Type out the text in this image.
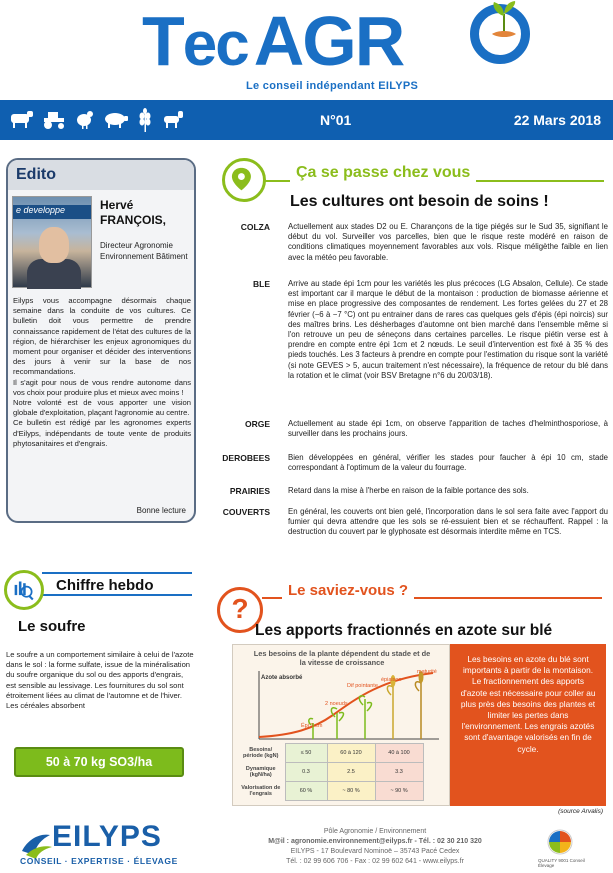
TecAGR
Le conseil indépendant EILYPS
N°01	22 Mars 2018
Edito
e developpe	Hervé
FRANÇOIS,
Directeur Agronomie Environnement Bâtiment

Eilyps vous accompagne désormais chaque semaine dans la conduite de vos cultures. Ce bulletin doit vous permettre de prendre connaissance rapidement de l'état des cultures de la région, de hiérarchiser les enjeux agronomiques du moment pour organiser et décider des interventions des jours à venir sur la base de nos recommandations.

Il s'agit pour nous de vous rendre autonome dans vos choix pour produire plus et mieux avec moins !

Notre volonté est de vous apporter une vision globale d'exploitation, plaçant l'agronomie au centre.

Ce bulletin est rédigé par les agronomes experts d'Eilyps, indépendants de toute vente de produits phytosanitaires et d'engrais.

Bonne lecture
Chiffre hebdo
Le soufre
Le soufre a un comportement similaire à celui de l'azote dans le sol : la forme sulfate, issue de la minéralisation du soufre organique du sol ou des apports d'engrais, est sensible au lessivage. Les fournitures du sol sont étroitement liées au climat de l'automne et de l'hiver. Les céréales absorbent
50 à 70 kg SO3/ha
EILYPS
CONSEIL · EXPERTISE · ÉLEVAGE
Pôle Agronomie / Environnement
M@il : agronomie.environnement@eilyps.fr - Tél. : 02 30 210 320
EILYPS - 17 Boulevard Nominoë – 35743 Pacé Cedex
Tél. : 02 99 606 706 - Fax : 02 99 602 641 - www.eilyps.fr	QUALITY 9001 Conseil Élevage
Ça se passe chez vous
Les cultures ont besoin de soins !
COLZA Actuellement aux stades D2 ou E. Charançons de la tige piégés sur le Sud 35, signifiant le début du vol. Surveiller vos parcelles, bien que le risque reste modéré en raison de conditions climatiques moyennement favorables aux vols. Risque méligèthe faible en lien avec la météo peu favorable.
BLE Arrive au stade épi 1cm pour les variétés les plus précoces (LG Absalon, Cellule). Ce stade est important car il marque le début de la montaison : production de biomasse aérienne et mise en place progressive des composantes de rendement. Les fortes gelées du 27 et 28 février (−6 à −7 °C) ont pu entrainer dans de rares cas quelques gels d'épis (épi noircis) sur des maîtres brins. Les désherbages d'automne ont bien marché dans l'ensemble même si l'on retrouve un peu de séneçons dans certaines parcelles. Le risque piétin verse est à prendre en compte entre épi 1cm et 2 nœuds. Le seuil d'intervention est fixé à 35 % des pieds touchés. Les 3 facteurs à prendre en compte pour l'estimation du risque sont la variété (si note GEVES > 5, aucun traitement n'est nécessaire), la fréquence de retour du blé dans la rotation et le climat (voir BSV Bretagne n°6 du 20/03/18).
ORGE Actuellement au stade épi 1cm, on observe l'apparition de taches d'helminthosporiose, à surveiller dans les prochains jours.
DEROBEES Bien développées en général, vérifier les stades pour faucher à épi 10 cm, stade correspondant à l'optimum de la valeur du fourrage.
PRAIRIES Retard dans la mise à l'herbe en raison de la faible portance des sols.
COUVERTS En général, les couverts ont bien gelé, l'incorporation dans le sol sera faite avec l'apport du fumier qui devra attendre que les sols se ré-essuient bien et se réchauffent. Rappel : la destruction du couvert par le glyphosate est désormais interdite même en TCS.
?
Le saviez-vous ?
Les apports fractionnés en azote sur blé
Les besoins de la plante dépendent du stade et de la vitesse de croissance
Azote absorbé
Épi 1 cm
2 noeuds
Dif pointante
épiaison
maturité
Besoins/ période (kgN)	≤ 50	60 à 120	40 à 100
Dynamique (kgN/ha)	0.3	2.5	3.3
Valorisation de l'engrais	60 %	~ 80 %	~ 90 %
Les besoins en azote du blé sont importants à partir de la montaison. Le fractionnement des apports d'azote est nécessaire pour coller au plus près des besoins des plantes et limiter les pertes dans l'environnement. Les engrais azotés sont d'avantage valorisés en fin de cycle.
(source Arvalis)
